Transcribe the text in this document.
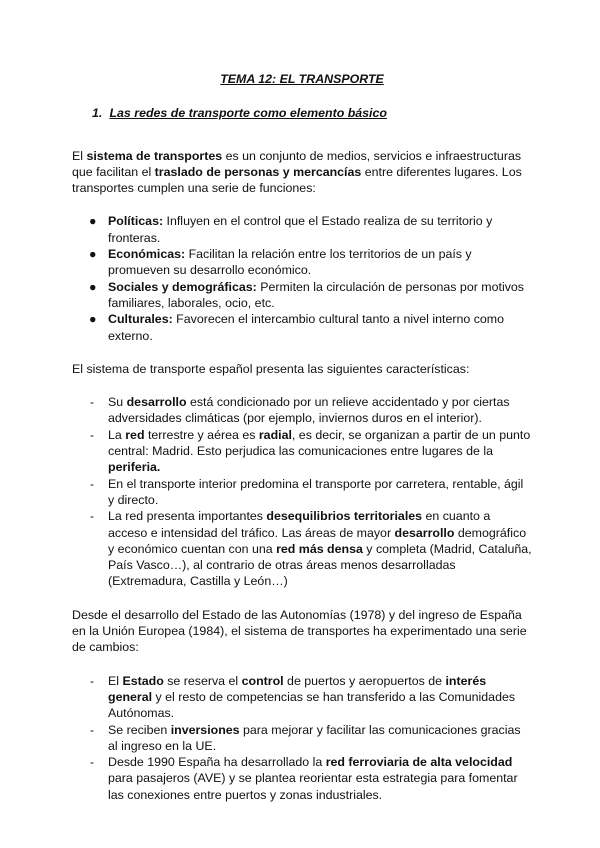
TEMA 12: EL TRANSPORTE
1. Las redes de transporte como elemento básico

El sistema de transportes es un conjunto de medios, servicios e infraestructuras que facilitan el traslado de personas y mercancías entre diferentes lugares. Los transportes cumplen una serie de funciones:

● Políticas: Influyen en el control que el Estado realiza de su territorio y fronteras.
● Económicas: Facilitan la relación entre los territorios de un país y promueven su desarrollo económico.
● Sociales y demográficas: Permiten la circulación de personas por motivos familiares, laborales, ocio, etc.
● Culturales: Favorecen el intercambio cultural tanto a nivel interno como externo.

El sistema de transporte español presenta las siguientes características:

- Su desarrollo está condicionado por un relieve accidentado y por ciertas adversidades climáticas (por ejemplo, inviernos duros en el interior).
- La red terrestre y aérea es radial, es decir, se organizan a partir de un punto central: Madrid. Esto perjudica las comunicaciones entre lugares de la periferia.
- En el transporte interior predomina el transporte por carretera, rentable, ágil y directo.
- La red presenta importantes desequilibrios territoriales en cuanto a acceso e intensidad del tráfico. Las áreas de mayor desarrollo demográfico y económico cuentan con una red más densa y completa (Madrid, Cataluña, País Vasco…), al contrario de otras áreas menos desarrolladas (Extremadura, Castilla y León…)

Desde el desarrollo del Estado de las Autonomías (1978) y del ingreso de España en la Unión Europea (1984), el sistema de transportes ha experimentado una serie de cambios:

- El Estado se reserva el control de puertos y aeropuertos de interés general y el resto de competencias se han transferido a las Comunidades Autónomas.
- Se reciben inversiones para mejorar y facilitar las comunicaciones gracias al ingreso en la UE.
- Desde 1990 España ha desarrollado la red ferroviaria de alta velocidad para pasajeros (AVE) y se plantea reorientar esta estrategia para fomentar las conexiones entre puertos y zonas industriales.
